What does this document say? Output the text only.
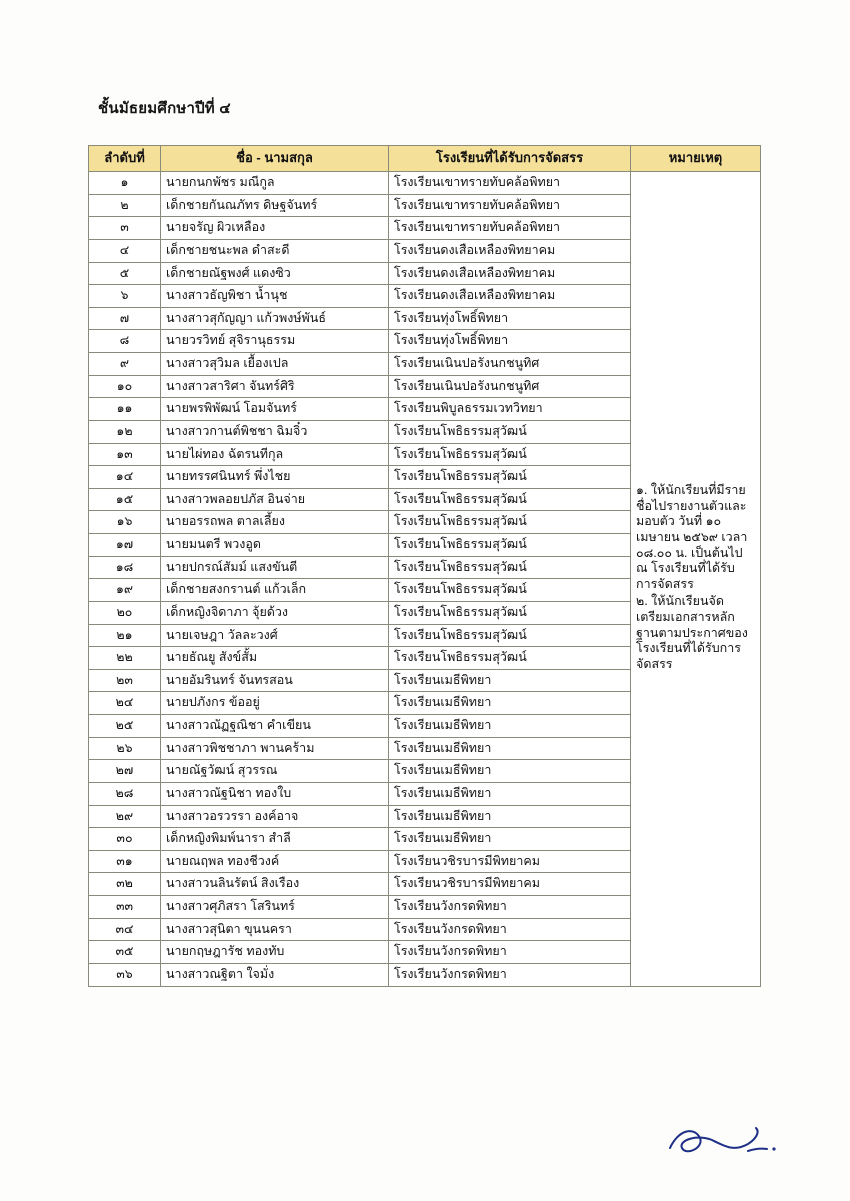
ชั้นมัธยมศึกษาปีที่ ๔
ลำดับที่	ชื่อ - นามสกุล	โรงเรียนที่ได้รับการจัดสรร	หมายเหตุ
๑	นายกนกพัชร มณีกูล	โรงเรียนเขาทรายทับคล้อพิทยา	๑. ให้นักเรียนที่มีรายชื่อไปรายงานตัวและมอบตัว วันที่ ๑๐ เมษายน ๒๕๖๙ เวลา ๐๘.๐๐ น. เป็นต้นไป ณ โรงเรียนที่ได้รับการจัดสรร

๒. ให้นักเรียนจัดเตรียมเอกสารหลักฐานตามประกาศของโรงเรียนที่ได้รับการจัดสรร

๒	เด็กชายกันณภัทร ดิษฐจันทร์	โรงเรียนเขาทรายทับคล้อพิทยา	
๓	นายจรัญ ผิวเหลือง	โรงเรียนเขาทรายทับคล้อพิทยา	
๔	เด็กชายชนะพล ดำสะดี	โรงเรียนดงเสือเหลืองพิทยาคม	
๕	เด็กชายณัฐพงศ์ แดงซิว	โรงเรียนดงเสือเหลืองพิทยาคม	
๖	นางสาวธัญพิชา น้ำนุช	โรงเรียนดงเสือเหลืองพิทยาคม	
๗	นางสาวสุกัญญา แก้วพงษ์พันธ์	โรงเรียนทุ่งโพธิ์พิทยา	
๘	นายวรวิทย์ สุจิรานุธรรม	โรงเรียนทุ่งโพธิ์พิทยา	
๙	นางสาวสุวิมล เยื้องเปล	โรงเรียนเนินปอรังนกชนูทิศ	
๑๐	นางสาวสาริศา จันทร์ศิริ	โรงเรียนเนินปอรังนกชนูทิศ	
๑๑	นายพรพิพัฒน์ โอมจันทร์	โรงเรียนพิบูลธรรมเวทวิทยา	
๑๒	นางสาวกานต์พิชชา ฉิมจิ๋ว	โรงเรียนโพธิธรรมสุวัฒน์	
๑๓	นายไผ่ทอง ฉัตรนทีกุล	โรงเรียนโพธิธรรมสุวัฒน์	
๑๔	นายทรรศนินทร์ พึ่งไชย	โรงเรียนโพธิธรรมสุวัฒน์	
๑๕	นางสาวพลอยปภัส อินจ่าย	โรงเรียนโพธิธรรมสุวัฒน์	
๑๖	นายอรรถพล ตาลเลี้ยง	โรงเรียนโพธิธรรมสุวัฒน์	
๑๗	นายมนตรี พวงอูด	โรงเรียนโพธิธรรมสุวัฒน์	
๑๘	นายปกรณ์สัมม์ แสงขันตี	โรงเรียนโพธิธรรมสุวัฒน์	
๑๙	เด็กชายสงกรานต์ แก้วเล็ก	โรงเรียนโพธิธรรมสุวัฒน์	
๒๐	เด็กหญิงจิดาภา จุ้ยด้วง	โรงเรียนโพธิธรรมสุวัฒน์	
๒๑	นายเจษฎา วัลละวงศ์	โรงเรียนโพธิธรรมสุวัฒน์	
๒๒	นายธัณยู สังข์สั้ม	โรงเรียนโพธิธรรมสุวัฒน์	
๒๓	นายอัมรินทร์ จันทรสอน	โรงเรียนเมธีพิทยา	
๒๔	นายปภังกร ข้ออยู่	โรงเรียนเมธีพิทยา	
๒๕	นางสาวณัฏฐณิชา คำเขียน	โรงเรียนเมธีพิทยา	
๒๖	นางสาวพิชชาภา พานคร้าม	โรงเรียนเมธีพิทยา	
๒๗	นายณัฐวัฒน์ สุวรรณ	โรงเรียนเมธีพิทยา	
๒๘	นางสาวณัฐนิชา ทองใบ	โรงเรียนเมธีพิทยา	
๒๙	นางสาวอรวรรา องค์อาจ	โรงเรียนเมธีพิทยา	
๓๐	เด็กหญิงพิมพ์นารา สำลี	โรงเรียนเมธีพิทยา	
๓๑	นายณฤพล ทองชีวงค์	โรงเรียนวชิรบารมีพิทยาคม	
๓๒	นางสาวนลินรัตน์ สิงเรือง	โรงเรียนวชิรบารมีพิทยาคม	
๓๓	นางสาวศุภิสรา โสรินทร์	โรงเรียนวังกรดพิทยา	
๓๔	นางสาวสุนิตา ขุนนครา	โรงเรียนวังกรดพิทยา	
๓๕	นายกฤษฎารัช ทองทับ	โรงเรียนวังกรดพิทยา	
๓๖	นางสาวณฐิตา ใจมั่ง	โรงเรียนวังกรดพิทยา	
